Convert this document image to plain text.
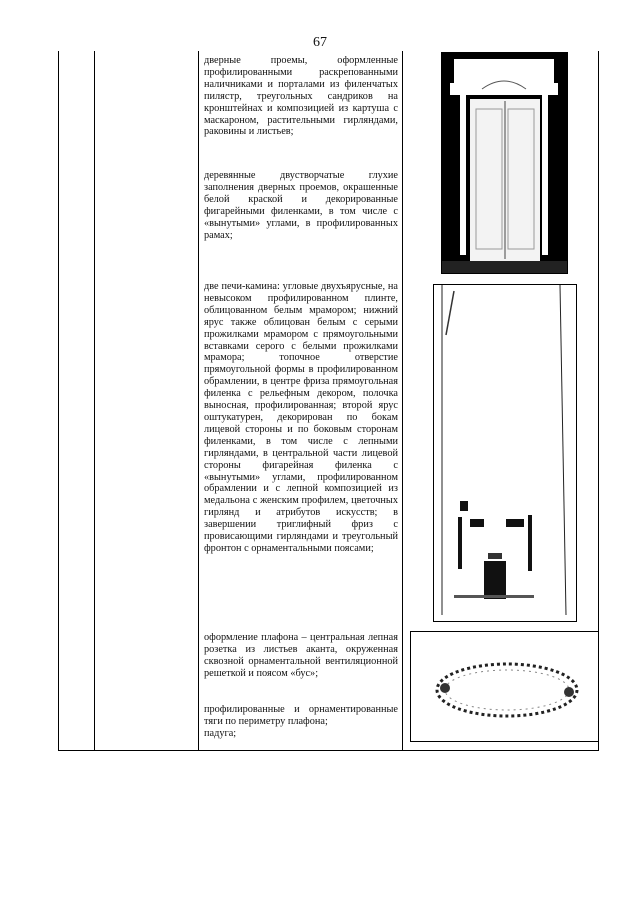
67

дверные проемы, оформленные профилированными раскрепованными наличниками и порталами из филенчатых пилястр, треугольных сандриков на кронштейнах и композицией из картуша с маскароном, растительными гирляндами, раковины и листьев;

деревянные двустворчатые глухие заполнения дверных проемов, окрашенные белой краской и декорированные фигарейными филенками, в том числе с «вынутыми» углами, в профилированных рамах;

две печи-камина: угловые двухъярусные, на невысоком профилированном плинте, облицованном белым мрамором; нижний ярус также облицован белым с серыми прожилками мрамором с прямоугольными вставками серого с белыми прожилками мрамора; топочное отверстие прямоугольной формы в профилированном обрамлении, в центре фриза прямоугольная филенка с рельефным декором, полочка выносная, профилированная; второй ярус оштукатурен, декорирован по бокам лицевой стороны и по боковым сторонам филенками, в том числе с лепными гирляндами, в центральной части лицевой стороны фигарейная филенка с «вынутыми» углами, профилированном обрамлении и с лепной композицией из медальона с женским профилем, цветочных гирлянд и атрибутов искусств; в завершении триглифный фриз с провисающими гирляндами и треугольный фронтон с орнаментальными поясами;

оформление плафона – центральная лепная розетка из листьев аканта, окруженная сквозной орнаментальной вентиляционной решеткой и поясом «бус»;

профилированные и орнаментированные тяги по периметру плафона;

падуга;
